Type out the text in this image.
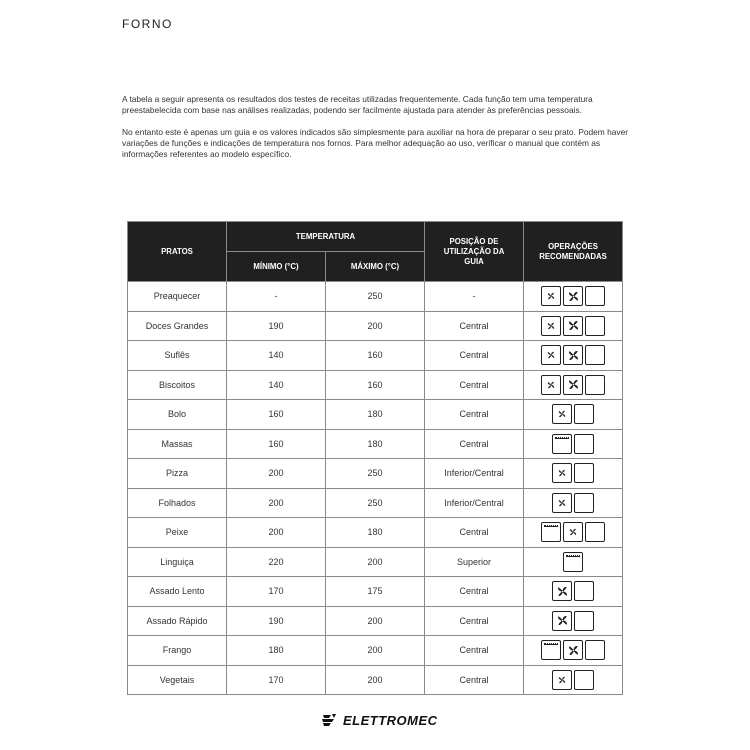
FORNO

A tabela a seguir apresenta os resultados dos testes de receitas utilizadas frequentemente. Cada função tem uma temperatura preestabelecida com base nas análises realizadas, podendo ser facilmente ajustada para atender às preferências pessoais.

No entanto este é apenas um guia e os valores indicados são simplesmente para auxiliar na hora de preparar o seu prato. Podem haver variações de funções e indicações de temperatura nos fornos. Para melhor adequação ao uso, verificar o manual que contém as informações referentes ao modelo específico.

PRATOS	TEMPERATURA		POSIÇÃO DE UTILIZAÇÃO DA GUIA	OPERAÇÕES RECOMENDADAS
	MÍNIMO (°C)	MÁXIMO (°C)		
Preaquecer	-	250	-	

Doces Grandes	190	200	Central	

Suflês	140	160	Central	

Biscoitos	140	160	Central	

Bolo	160	180	Central	

Massas	160	180	Central	

Pizza	200	250	Inferior/Central	

Folhados	200	250	Inferior/Central	

Peixe	200	180	Central	

Linguiça	220	200	Superior	

Assado Lento	170	175	Central	

Assado Rápido	190	200	Central	

Frango	180	200	Central	

Vegetais	170	200	Central	
ELETTROMEC
